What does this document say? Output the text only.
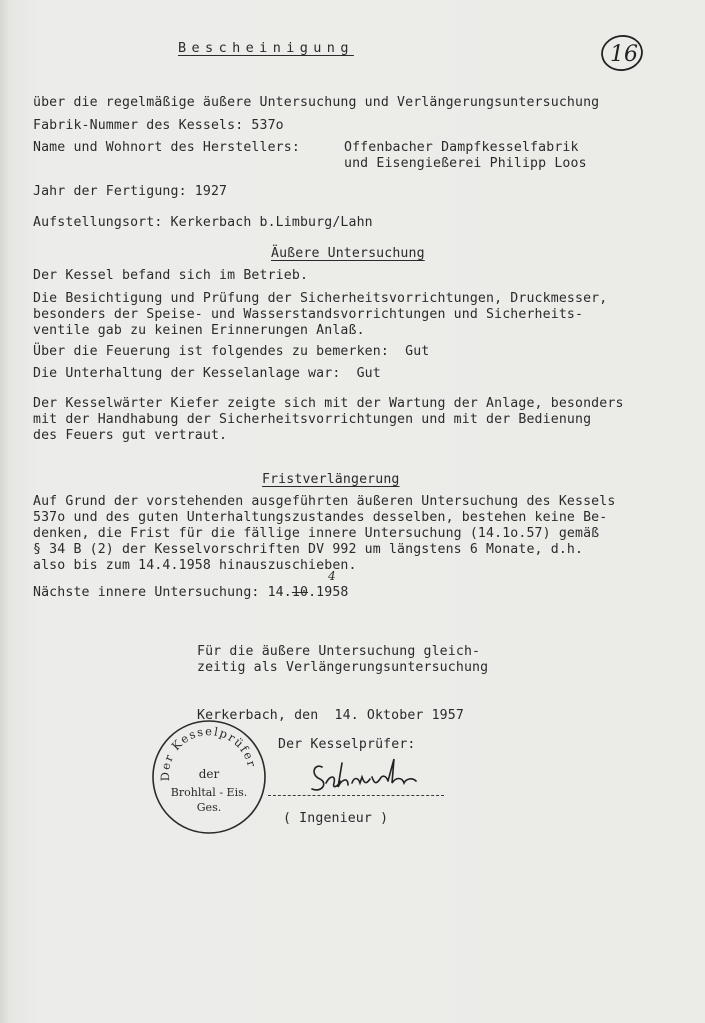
16
Bescheinigung
über die regelmäßige äußere Untersuchung und Verlängerungsuntersuchung
Fabrik-Nummer des Kessels: 537o
Name und Wohnort des Herstellers:	Offenbacher Dampfkesselfabrik
und Eisengießerei Philipp Loos
Jahr der Fertigung: 1927
Aufstellungsort: Kerkerbach b.Limburg/Lahn
Äußere Untersuchung
Der Kessel befand sich im Betrieb.
Die Besichtigung und Prüfung der Sicherheitsvorrichtungen, Druckmesser,
besonders der Speise- und Wasserstandsvorrichtungen und Sicherheits-
ventile gab zu keinen Erinnerungen Anlaß.
Über die Feuerung ist folgendes zu bemerken:  Gut
Die Unterhaltung der Kesselanlage war:  Gut
Der Kesselwärter Kiefer zeigte sich mit der Wartung der Anlage, besonders
mit der Handhabung der Sicherheitsvorrichtungen und mit der Bedienung
des Feuers gut vertraut.
Fristverlängerung
Auf Grund der vorstehenden ausgeführten äußeren Untersuchung des Kessels
537o und des guten Unterhaltungszustandes desselben, bestehen keine Be-
denken, die Frist für die fällige innere Untersuchung (14.1o.57) gemäß
§ 34 B (2) der Kesselvorschriften DV 992 um längstens 6 Monate, d.h.
also bis zum 14.4.1958 hinauszuschieben.
Nächste innere Untersuchung: 14.10.1958
4
Für die äußere Untersuchung gleich-
zeitig als Verlängerungsuntersuchung
Kerkerbach, den  14. Oktober 1957
Der Kesselprüfer:
( Ingenieur )
Der Kesselprüfer
der
Brohltal - Eis.
Ges.
